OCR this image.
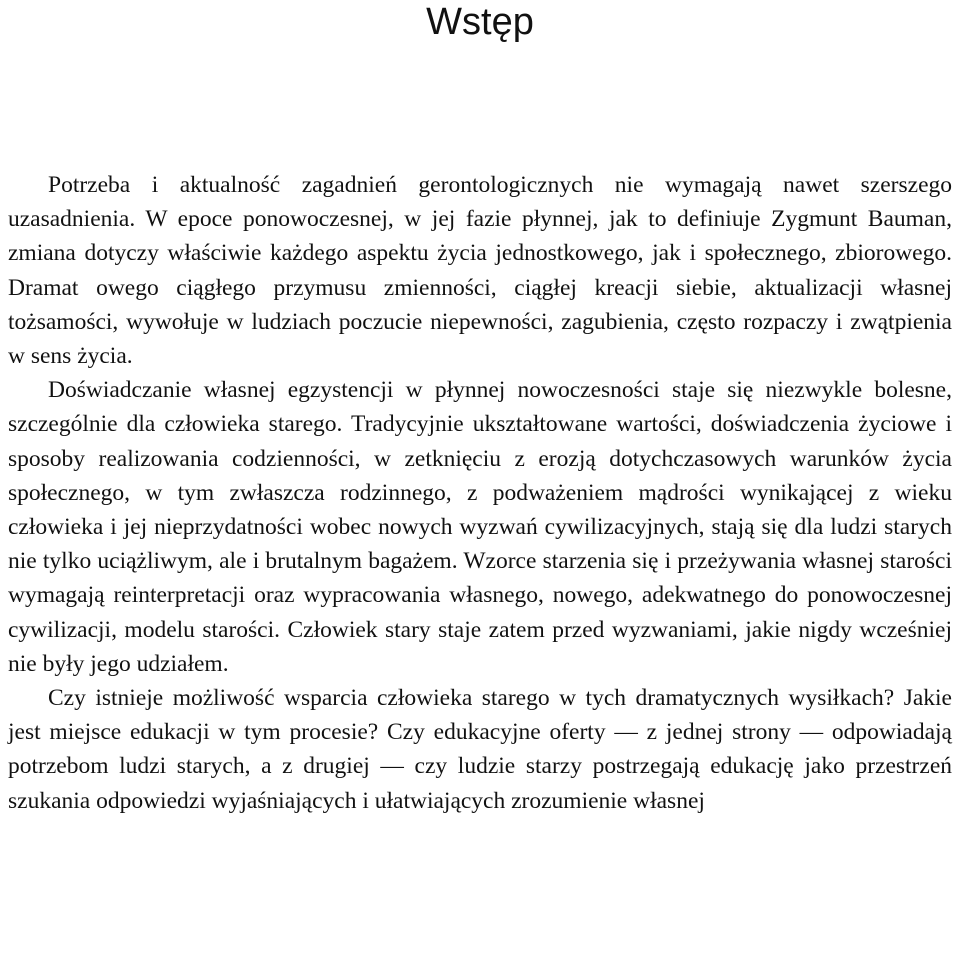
Wstęp

Potrzeba i aktualność zagadnień gerontologicznych nie wymagają nawet szerszego uzasadnienia. W epoce ponowoczesnej, w jej fazie płynnej, jak to definiuje Zygmunt Bauman, zmiana dotyczy właściwie każdego aspektu życia jednostkowego, jak i społecznego, zbiorowego. Dramat owego ciągłego przymusu zmienności, ciągłej kreacji siebie, aktualizacji własnej tożsamości, wywołuje w ludziach poczucie niepewności, zagubienia, często rozpaczy i zwątpienia w sens życia.

Doświadczanie własnej egzystencji w płynnej nowoczesności staje się niezwykle bolesne, szczególnie dla człowieka starego. Tradycyjnie ukształtowane wartości, doświadczenia życiowe i sposoby realizowania codzienności, w zetknięciu z erozją dotychczasowych warunków życia społecznego, w tym zwłaszcza rodzinnego, z podważeniem mądrości wynikającej z wieku człowieka i jej nieprzydatności wobec nowych wyzwań cywilizacyjnych, stają się dla ludzi starych nie tylko uciążliwym, ale i brutalnym bagażem. Wzorce starzenia się i przeżywania własnej starości wymagają reinterpretacji oraz wypracowania własnego, nowego, adekwatnego do ponowoczesnej cywilizacji, modelu starości. Człowiek stary staje zatem przed wyzwaniami, jakie nigdy wcześniej nie były jego udziałem.

Czy istnieje możliwość wsparcia człowieka starego w tych dramatycznych wysiłkach? Jakie jest miejsce edukacji w tym procesie? Czy edukacyjne oferty — z jednej strony — odpowiadają potrzebom ludzi starych, a z drugiej — czy ludzie starzy postrzegają edukację jako przestrzeń szukania odpowiedzi wyjaśniających i ułatwiających zrozumienie własnej
